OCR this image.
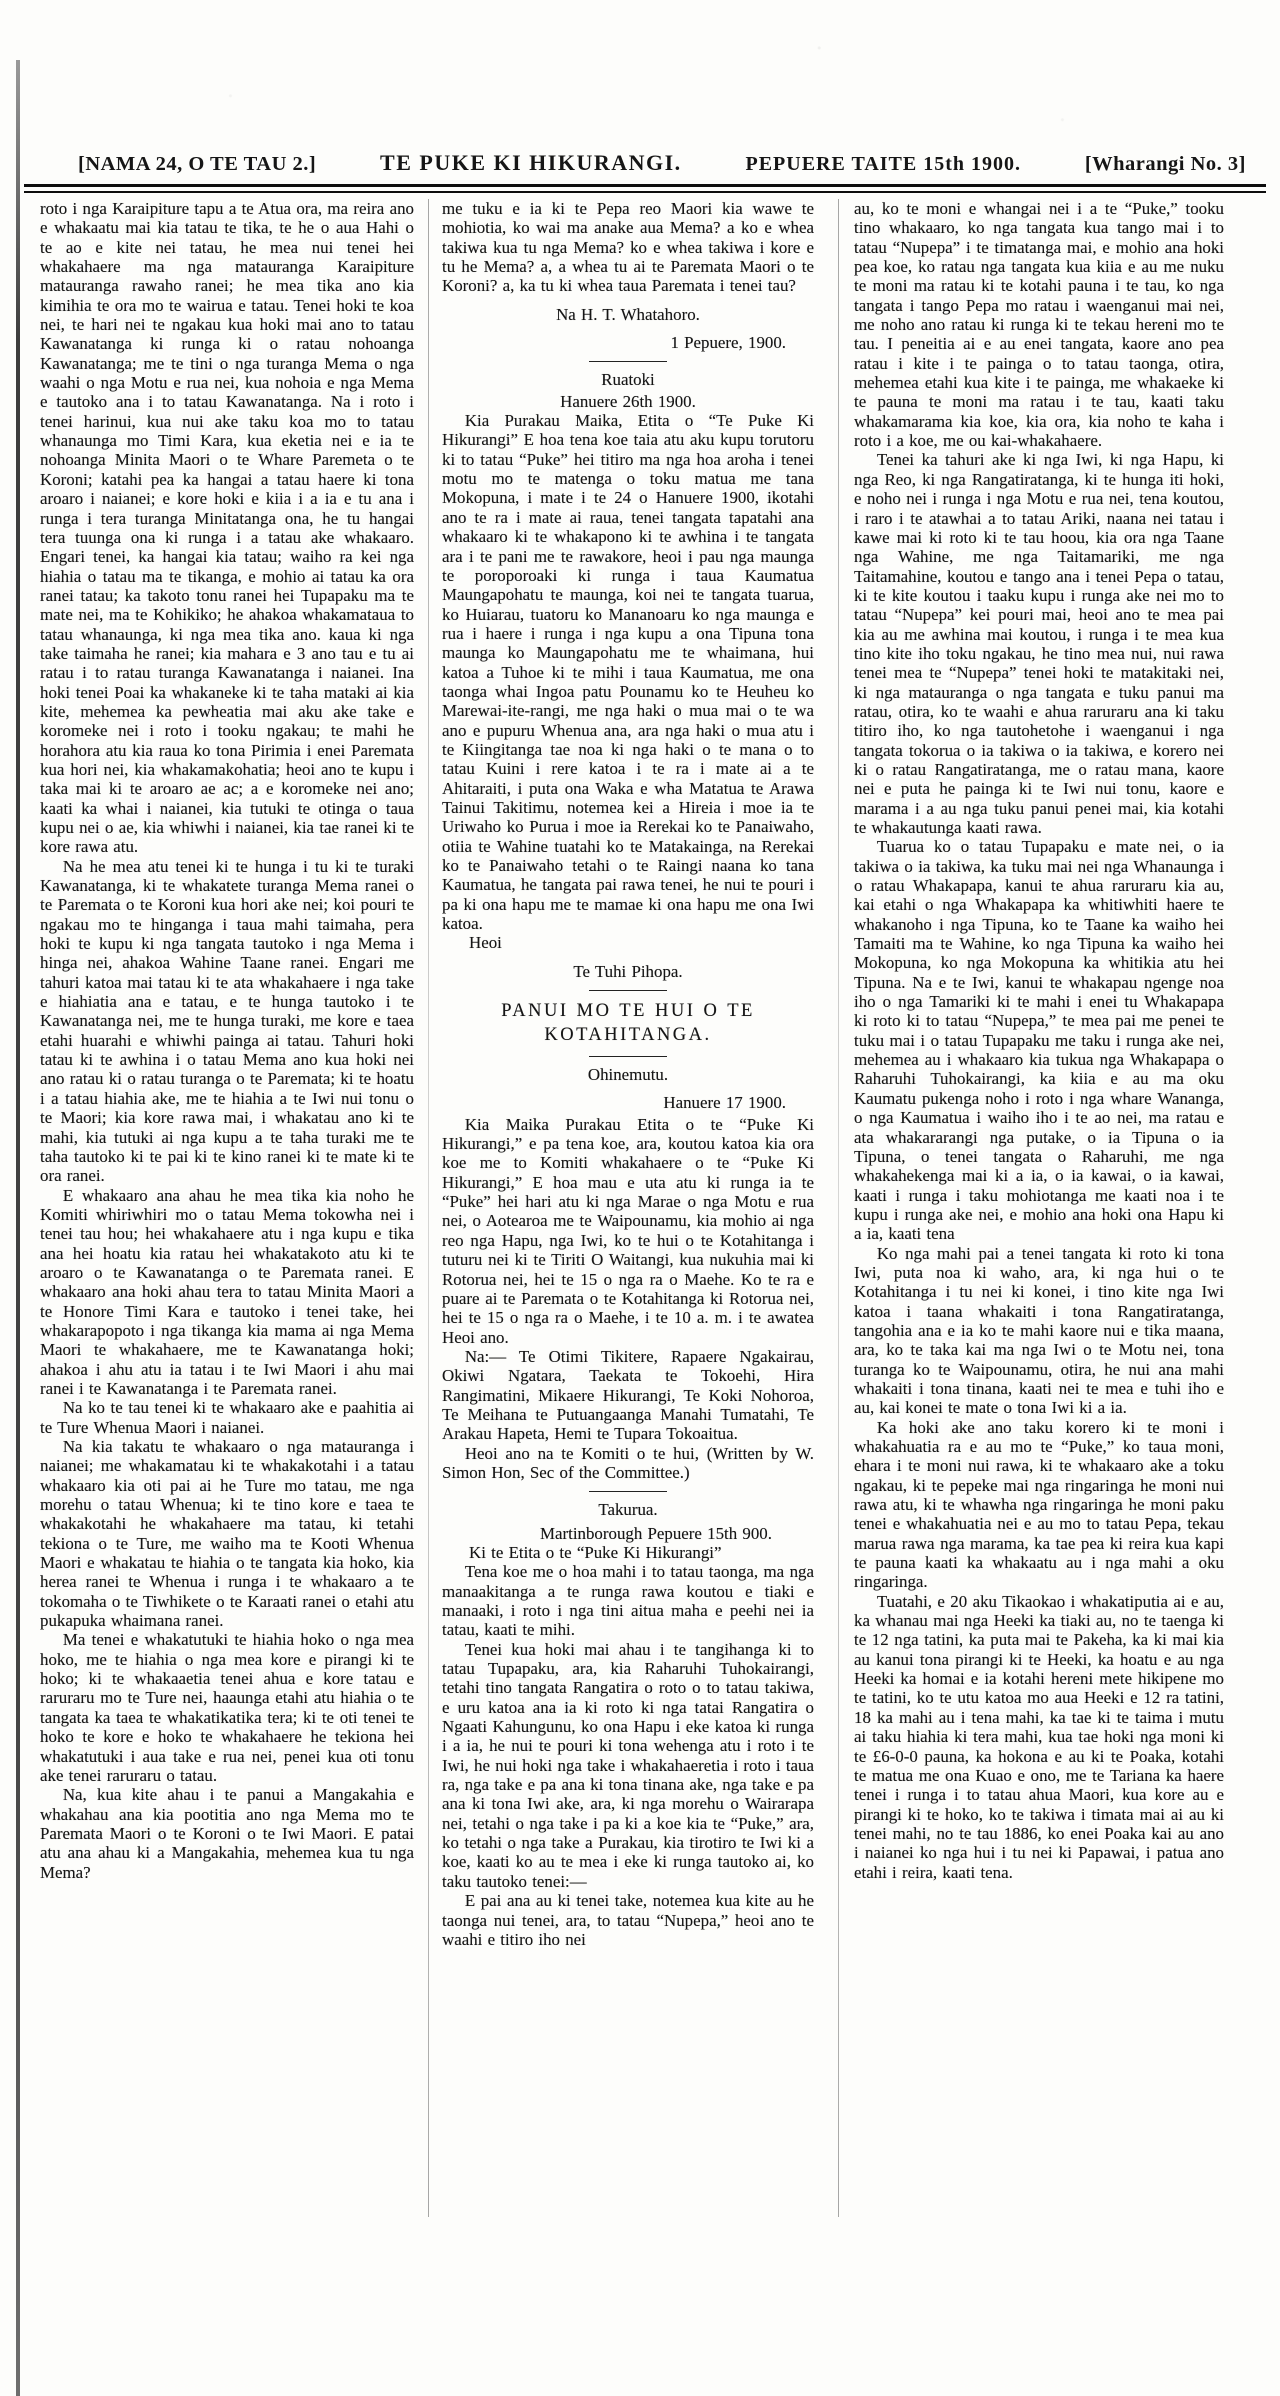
[NAMA 24, O TE TAU 2.]	TE PUKE KI HIKURANGI.	PEPUERE TAITE 15th 1900.	[Wharangi No. 3]

roto i nga Karaipiture tapu a te Atua ora, ma reira ano e whakaatu mai kia tatau te tika, te he o aua Hahi o te ao e kite nei tatau, he mea nui tenei hei whakahaere ma nga matauranga Karaipiture matauranga rawaho ranei; he mea tika ano kia kimihia te ora mo te wairua e tatau. Tenei hoki te koa nei, te hari nei te ngakau kua hoki mai ano to tatau Kawanatanga ki runga ki o ratau nohoanga Kawanatanga; me te tini o nga turanga Mema o nga waahi o nga Motu e rua nei, kua nohoia e nga Mema e tautoko ana i to tatau Kawanatanga. Na i roto i tenei harinui, kua nui ake taku koa mo to tatau whanaunga mo Timi Kara, kua eketia nei e ia te nohoanga Minita Maori o te Whare Paremeta o te Koroni; katahi pea ka hangai a tatau haere ki tona aroaro i naianei; e kore hoki e kiia i a ia e tu ana i runga i tera turanga Minitatanga ona, he tu hangai tera tuunga ona ki runga i a tatau ake whakaaro. Engari tenei, ka hangai kia tatau; waiho ra kei nga hiahia o tatau ma te tikanga, e mohio ai tatau ka ora ranei tatau; ka takoto tonu ranei hei Tupapaku ma te mate nei, ma te Kohikiko; he ahakoa whakamataua to tatau whanaunga, ki nga mea tika ano. kaua ki nga take taimaha he ranei; kia mahara e 3 ano tau e tu ai ratau i to ratau turanga Kawanatanga i naianei. Ina hoki tenei Poai ka whakaneke ki te taha mataki ai kia kite, mehemea ka pewheatia mai aku ake take e koromeke nei i roto i tooku ngakau; te mahi he horahora atu kia raua ko tona Pirimia i enei Paremata kua hori nei, kia whakamakohatia; heoi ano te kupu i taka mai ki te aroaro ae ac; a e koromeke nei ano; kaati ka whai i naianei, kia tutuki te otinga o taua kupu nei o ae, kia whiwhi i naianei, kia tae ranei ki te kore rawa atu.

Na he mea atu tenei ki te hunga i tu ki te turaki Kawanatanga, ki te whakatete turanga Mema ranei o te Paremata o te Koroni kua hori ake nei; koi pouri te ngakau mo te hinganga i taua mahi taimaha, pera hoki te kupu ki nga tangata tautoko i nga Mema i hinga nei, ahakoa Wahine Taane ranei. Engari me tahuri katoa mai tatau ki te ata whakahaere i nga take e hiahiatia ana e tatau, e te hunga tautoko i te Kawanatanga nei, me te hunga turaki, me kore e taea etahi huarahi e whiwhi painga ai tatau. Tahuri hoki tatau ki te awhina i o tatau Mema ano kua hoki nei ano ratau ki o ratau turanga o te Paremata; ki te hoatu i a tatau hiahia ake, me te hiahia a te Iwi nui tonu o te Maori; kia kore rawa mai, i whakatau ano ki te mahi, kia tutuki ai nga kupu a te taha turaki me te taha tautoko ki te pai ki te kino ranei ki te mate ki te ora ranei.

E whakaaro ana ahau he mea tika kia noho he Komiti whiriwhiri mo o tatau Mema tokowha nei i tenei tau hou; hei whakahaere atu i nga kupu e tika ana hei hoatu kia ratau hei whakatakoto atu ki te aroaro o te Kawanatanga o te Paremata ranei. E whakaaro ana hoki ahau tera to tatau Minita Maori a te Honore Timi Kara e tautoko i tenei take, hei whakarapopoto i nga tikanga kia mama ai nga Mema Maori te whakahaere, me te Kawanatanga hoki; ahakoa i ahu atu ia tatau i te Iwi Maori i ahu mai ranei i te Kawanatanga i te Paremata ranei.

Na ko te tau tenei ki te whakaaro ake e paahitia ai te Ture Whenua Maori i naianei.

Na kia takatu te whakaaro o nga matauranga i naianei; me whakamatau ki te whakakotahi i a tatau whakaaro kia oti pai ai he Ture mo tatau, me nga morehu o tatau Whenua; ki te tino kore e taea te whakakotahi he whakahaere ma tatau, ki tetahi tekiona o te Ture, me waiho ma te Kooti Whenua Maori e whakatau te hiahia o te tangata kia hoko, kia herea ranei te Whenua i runga i te whakaaro a te tokomaha o te Tiwhikete o te Karaati ranei o etahi atu pukapuka whaimana ranei.

Ma tenei e whakatutuki te hiahia hoko o nga mea hoko, me te hiahia o nga mea kore e pirangi ki te hoko; ki te whakaaetia tenei ahua e kore tatau e raruraru mo te Ture nei, haaunga etahi atu hiahia o te tangata ka taea te whakatikatika tera; ki te oti tenei te hoko te kore e hoko te whakahaere he tekiona hei whakatutuki i aua take e rua nei, penei kua oti tonu ake tenei raruraru o tatau.

Na, kua kite ahau i te panui a Mangakahia e whakahau ana kia pootitia ano nga Mema mo te Paremata Maori o te Koroni o te Iwi Maori. E patai atu ana ahau ki a Mangakahia, mehemea kua tu nga Mema?

me tuku e ia ki te Pepa reo Maori kia wawe te mohiotia, ko wai ma anake aua Mema? a ko e whea takiwa kua tu nga Mema? ko e whea takiwa i kore e tu he Mema? a, a whea tu ai te Paremata Maori o te Koroni? a, ka tu ki whea taua Paremata i tenei tau?

Na H. T. Whatahoro.

1 Pepuere, 1900.

Ruatoki

Hanuere 26th 1900.

Kia Purakau Maika, Etita o “Te Puke Ki Hikurangi” E hoa tena koe taia atu aku kupu torutoru ki to tatau “Puke” hei titiro ma nga hoa aroha i tenei motu mo te matenga o toku matua me tana Mokopuna, i mate i te 24 o Hanuere 1900, ikotahi ano te ra i mate ai raua, tenei tangata tapatahi ana whakaaro ki te whakapono ki te awhina i te tangata ara i te pani me te rawakore, heoi i pau nga maunga te poroporoaki ki runga i taua Kaumatua Maungapohatu te maunga, koi nei te tangata tuarua, ko Huiarau, tuatoru ko Mananoaru ko nga maunga e rua i haere i runga i nga kupu a ona Tipuna tona maunga ko Maungapohatu me te whaimana, hui katoa a Tuhoe ki te mihi i taua Kaumatua, me ona taonga whai Ingoa patu Pounamu ko te Heuheu ko Marewai-ite-rangi, me nga haki o mua mai o te wa ano e pupuru Whenua ana, ara nga haki o mua atu i te Kiingitanga tae noa ki nga haki o te mana o to tatau Kuini i rere katoa i te ra i mate ai a te Ahitaraiti, i puta ona Waka e wha Matatua te Arawa Tainui Takitimu, notemea kei a Hireia i moe ia te Uriwaho ko Purua i moe ia Rerekai ko te Panaiwaho, otiia te Wahine tuatahi ko te Matakainga, na Rerekai ko te Panaiwaho tetahi o te Raingi naana ko tana Kaumatua, he tangata pai rawa tenei, he nui te pouri i pa ki ona hapu me te mamae ki ona hapu me ona Iwi katoa.

Heoi

Te Tuhi Pihopa.

PANUI MO TE HUI O TE KOTAHITANGA.

Ohinemutu.

Hanuere 17 1900.

Kia Maika Purakau Etita o te “Puke Ki Hikurangi,” e pa tena koe, ara, koutou katoa kia ora koe me to Komiti whakahaere o te “Puke Ki Hikurangi,” E hoa mau e uta atu ki runga ia te “Puke” hei hari atu ki nga Marae o nga Motu e rua nei, o Aotearoa me te Waipounamu, kia mohio ai nga reo nga Hapu, nga Iwi, ko te hui o te Kotahitanga i tuturu nei ki te Tiriti O Waitangi, kua nukuhia mai ki Rotorua nei, hei te 15 o nga ra o Maehe. Ko te ra e puare ai te Paremata o te Kotahitanga ki Rotorua nei, hei te 15 o nga ra o Maehe, i te 10 a. m. i te awatea Heoi ano.

Na:— Te Otimi Tikitere, Rapaere Ngakairau, Okiwi Ngatara, Taekata te Tokoehi, Hira Rangimatini, Mikaere Hikurangi, Te Koki Nohoroa, Te Meihana te Putuangaanga Manahi Tumatahi, Te Arakau Hapeta, Hemi te Tupara Tokoaitua.

Heoi ano na te Komiti o te hui, (Written by W. Simon Hon, Sec of the Committee.)

Takurua.

Martinborough Pepuere 15th 900.

Ki te Etita o te “Puke Ki Hikurangi”

Tena koe me o hoa mahi i to tatau taonga, ma nga manaakitanga a te runga rawa koutou e tiaki e manaaki, i roto i nga tini aitua maha e peehi nei ia tatau, kaati te mihi.

Tenei kua hoki mai ahau i te tangihanga ki to tatau Tupapaku, ara, kia Raharuhi Tuhokairangi, tetahi tino tangata Rangatira o roto o to tatau takiwa, e uru katoa ana ia ki roto ki nga tatai Rangatira o Ngaati Kahungunu, ko ona Hapu i eke katoa ki runga i a ia, he nui te pouri ki tona wehenga atu i roto i te Iwi, he nui hoki nga take i whakahaeretia i roto i taua ra, nga take e pa ana ki tona tinana ake, nga take e pa ana ki tona Iwi ake, ara, ki nga morehu o Wairarapa nei, tetahi o nga take i pa ki a koe kia te “Puke,” ara, ko tetahi o nga take a Purakau, kia tirotiro te Iwi ki a koe, kaati ko au te mea i eke ki runga tautoko ai, ko taku tautoko tenei:—

E pai ana au ki tenei take, notemea kua kite au he taonga nui tenei, ara, to tatau “Nupepa,” heoi ano te waahi e titiro iho nei

au, ko te moni e whangai nei i a te “Puke,” tooku tino whakaaro, ko nga tangata kua tango mai i to tatau “Nupepa” i te timatanga mai, e mohio ana hoki pea koe, ko ratau nga tangata kua kiia e au me nuku te moni ma ratau ki te kotahi pauna i te tau, ko nga tangata i tango Pepa mo ratau i waenganui mai nei, me noho ano ratau ki runga ki te tekau hereni mo te tau. I peneitia ai e au enei tangata, kaore ano pea ratau i kite i te painga o to tatau taonga, otira, mehemea etahi kua kite i te painga, me whakaeke ki te pauna te moni ma ratau i te tau, kaati taku whakamarama kia koe, kia ora, kia noho te kaha i roto i a koe, me ou kai-whakahaere.

Tenei ka tahuri ake ki nga Iwi, ki nga Hapu, ki nga Reo, ki nga Rangatiratanga, ki te hunga iti hoki, e noho nei i runga i nga Motu e rua nei, tena koutou, i raro i te atawhai a to tatau Ariki, naana nei tatau i kawe mai ki roto ki te tau hoou, kia ora nga Taane nga Wahine, me nga Taitamariki, me nga Taitamahine, koutou e tango ana i tenei Pepa o tatau, ki te kite koutou i taaku kupu i runga ake nei mo to tatau “Nupepa” kei pouri mai, heoi ano te mea pai kia au me awhina mai koutou, i runga i te mea kua tino kite iho toku ngakau, he tino mea nui, nui rawa tenei mea te “Nupepa” tenei hoki te matakitaki nei, ki nga matauranga o nga tangata e tuku panui ma ratau, otira, ko te waahi e ahua raruraru ana ki taku titiro iho, ko nga tautohetohe i waenganui i nga tangata tokorua o ia takiwa o ia takiwa, e korero nei ki o ratau Rangatiratanga, me o ratau mana, kaore nei e puta he painga ki te Iwi nui tonu, kaore e marama i a au nga tuku panui penei mai, kia kotahi te whakautunga kaati rawa.

Tuarua ko o tatau Tupapaku e mate nei, o ia takiwa o ia takiwa, ka tuku mai nei nga Whanaunga i o ratau Whakapapa, kanui te ahua raruraru kia au, kai etahi o nga Whakapapa ka whitiwhiti haere te whakanoho i nga Tipuna, ko te Taane ka waiho hei Tamaiti ma te Wahine, ko nga Tipuna ka waiho hei Mokopuna, ko nga Mokopuna ka whitikia atu hei Tipuna. Na e te Iwi, kanui te whakapau ngenge noa iho o nga Tamariki ki te mahi i enei tu Whakapapa ki roto ki to tatau “Nupepa,” te mea pai me penei te tuku mai i o tatau Tupapaku me taku i runga ake nei, mehemea au i whakaaro kia tukua nga Whakapapa o Raharuhi Tuhokairangi, ka kiia e au ma oku Kaumatu pukenga noho i roto i nga whare Wananga, o nga Kaumatua i waiho iho i te ao nei, ma ratau e ata whakararangi nga putake, o ia Tipuna o ia Tipuna, o tenei tangata o Raharuhi, me nga whakahekenga mai ki a ia, o ia kawai, o ia kawai, kaati i runga i taku mohiotanga me kaati noa i te kupu i runga ake nei, e mohio ana hoki ona Hapu ki a ia, kaati tena

Ko nga mahi pai a tenei tangata ki roto ki tona Iwi, puta noa ki waho, ara, ki nga hui o te Kotahitanga i tu nei ki konei, i tino kite nga Iwi katoa i taana whakaiti i tona Rangatiratanga, tangohia ana e ia ko te mahi kaore nui e tika maana, ara, ko te taka kai ma nga Iwi o te Motu nei, tona turanga ko te Waipounamu, otira, he nui ana mahi whakaiti i tona tinana, kaati nei te mea e tuhi iho e au, kai konei te mate o tona Iwi ki a ia.

Ka hoki ake ano taku korero ki te moni i whakahuatia ra e au mo te “Puke,” ko taua moni, ehara i te moni nui rawa, ki te whakaaro ake a toku ngakau, ki te pepeke mai nga ringaringa he moni nui rawa atu, ki te whawha nga ringaringa he moni paku tenei e whakahuatia nei e au mo to tatau Pepa, tekau marua rawa nga marama, ka tae pea ki reira kua kapi te pauna kaati ka whakaatu au i nga mahi a oku ringaringa.

Tuatahi, e 20 aku Tikaokao i whakatiputia ai e au, ka whanau mai nga Heeki ka tiaki au, no te taenga ki te 12 nga tatini, ka puta mai te Pakeha, ka ki mai kia au kanui tona pirangi ki te Heeki, ka hoatu e au nga Heeki ka homai e ia kotahi hereni mete hikipene mo te tatini, ko te utu katoa mo aua Heeki e 12 ra tatini, 18 ka mahi au i tena mahi, ka tae ki te taima i mutu ai taku hiahia ki tera mahi, kua tae hoki nga moni ki te £6-0-0 pauna, ka hokona e au ki te Poaka, kotahi te matua me ona Kuao e ono, me te Tariana ka haere tenei i runga i to tatau ahua Maori, kua kore au e pirangi ki te hoko, ko te takiwa i timata mai ai au ki tenei mahi, no te tau 1886, ko enei Poaka kai au ano i naianei ko nga hui i tu nei ki Papawai, i patua ano etahi i reira, kaati tena.
